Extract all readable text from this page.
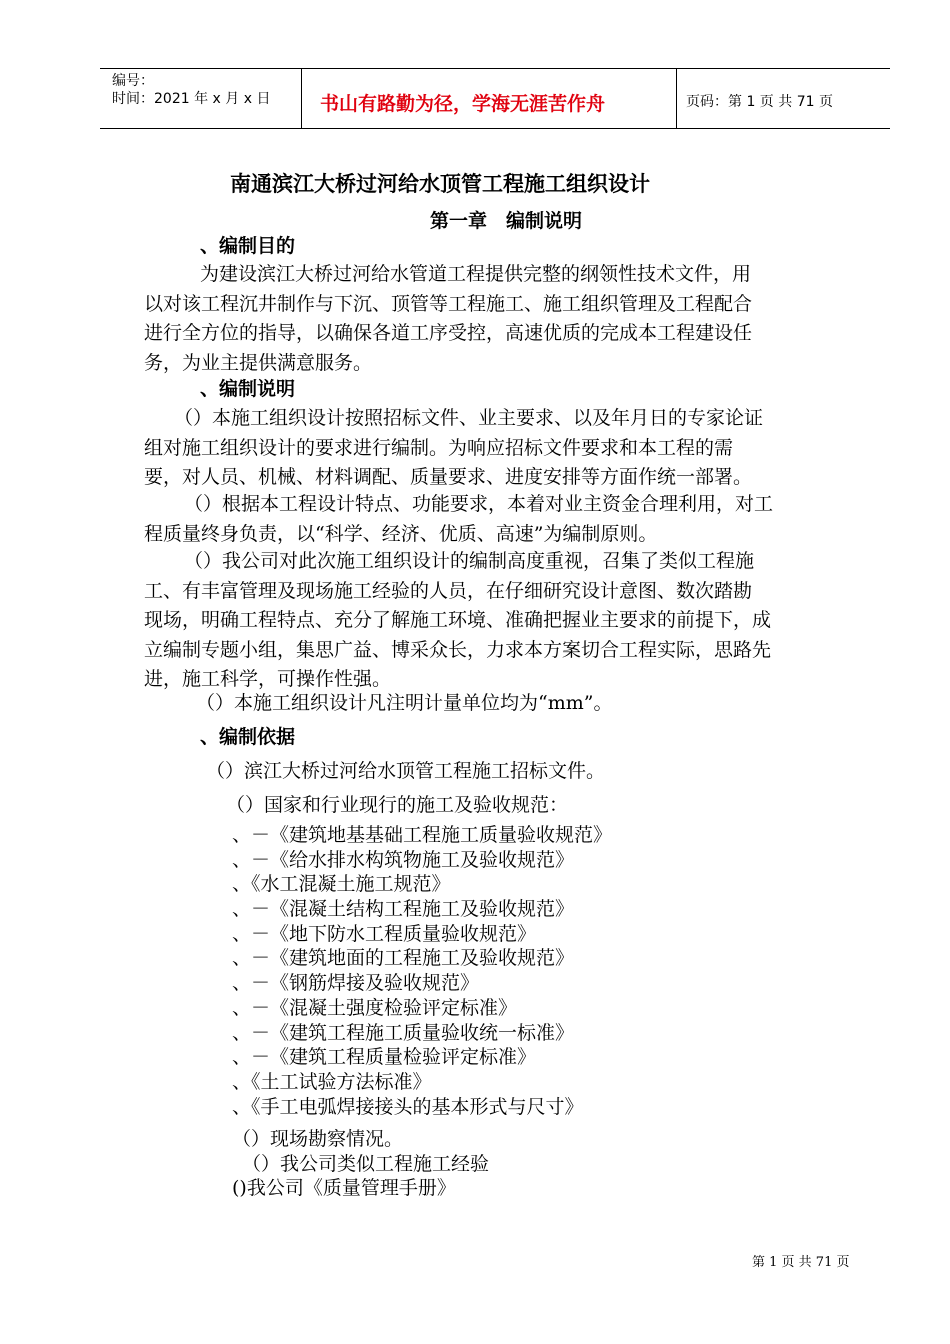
编号：
时间：2021 年 x 月 x 日	书山有路勤为径，学海无涯苦作舟	页码：第 1 页 共 71 页
南通滨江大桥过河给水顶管工程施工组织设计
第一章　编制说明
、编制目的
为建设滨江大桥过河给水管道工程提供完整的纲领性技术文件，用
以对该工程沉井制作与下沉、顶管等工程施工、施工组织管理及工程配合
进行全方位的指导，以确保各道工序受控，高速优质的完成本工程建设任
务，为业主提供满意服务。
、编制说明
（）本施工组织设计按照招标文件、业主要求、以及年月日的专家论证
组对施工组织设计的要求进行编制。为响应招标文件要求和本工程的需
要，对人员、机械、材料调配、质量要求、进度安排等方面作统一部署。
（）根据本工程设计特点、功能要求，本着对业主资金合理利用，对工
程质量终身负责，以“科学、经济、优质、高速”为编制原则。
（）我公司对此次施工组织设计的编制高度重视，召集了类似工程施
工、有丰富管理及现场施工经验的人员，在仔细研究设计意图、数次踏勘
现场，明确工程特点、充分了解施工环境、准确把握业主要求的前提下，成
立编制专题小组，集思广益、博采众长，力求本方案切合工程实际，思路先
进，施工科学，可操作性强。
（）本施工组织设计凡注明计量单位均为“mm”。
、编制依据
（）滨江大桥过河给水顶管工程施工招标文件。
（）国家和行业现行的施工及验收规范：
、－《建筑地基基础工程施工质量验收规范》
、－《给水排水构筑物施工及验收规范》
、《水工混凝土施工规范》
、－《混凝土结构工程施工及验收规范》
、－《地下防水工程质量验收规范》
、－《建筑地面的工程施工及验收规范》
、－《钢筋焊接及验收规范》
、－《混凝土强度检验评定标准》
、－《建筑工程施工质量验收统一标准》
、－《建筑工程质量检验评定标准》
、《土工试验方法标准》
、《手工电弧焊接接头的基本形式与尺寸》
（）现场勘察情况。
（）我公司类似工程施工经验
()我公司《质量管理手册》
第 1 页 共 71 页
